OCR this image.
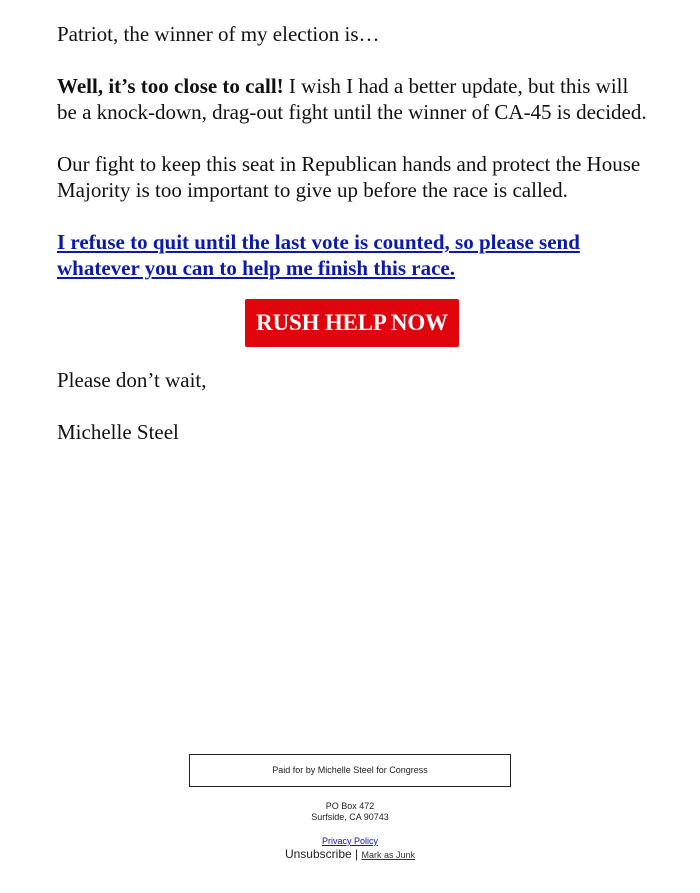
Patriot, the winner of my election is…

Well, it’s too close to call! I wish I had a better update, but this will be a knock-down, drag-out fight until the winner of CA-45 is decided.

Our fight to keep this seat in Republican hands and protect the House Majority is too important to give up before the race is called.

I refuse to quit until the last vote is counted, so please send whatever you can to help me finish this race.

RUSH HELP NOW

Please don’t wait,

Michelle Steel

Paid for by Michelle Steel for Congress
PO Box 472
Surfside, CA 90743
Privacy Policy
Unsubscribe | Mark as Junk
